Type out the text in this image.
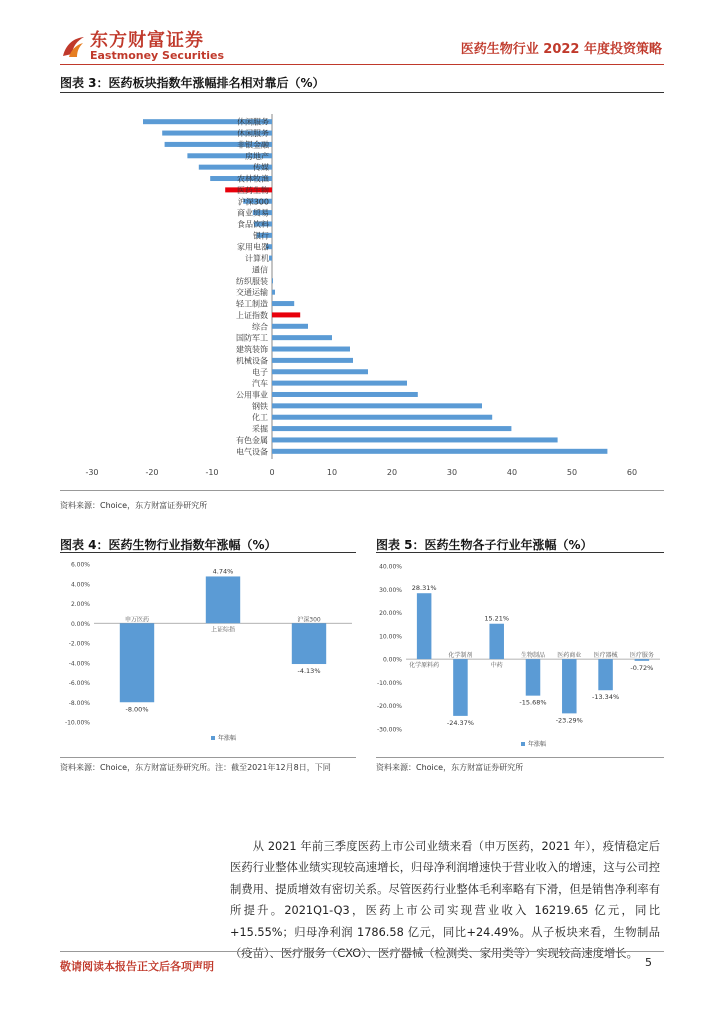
东方财富证券
Eastmoney Securities	医药生物行业 2022 年度投资策略
图表 3：医药板块指数年涨幅排名相对靠后（%）
休闲服务
休闲服务
非银金融
房地产
传媒
农林牧渔
医药生物
沪深300
商业贸易
食品饮料
银行
家用电器
计算机
通信
纺织服装
交通运输
轻工制造
上证指数
综合
国防军工
建筑装饰
机械设备
电子
汽车
公用事业
钢铁
化工
采掘
有色金属
电气设备
-30	-20	-10	0	10	20	30	40	50	60
资料来源：Choice，东方财富证券研究所
图表 4：医药生物行业指数年涨幅（%）
6.00%
4.00%
2.00%
0.00%
-2.00%
-4.00%
-6.00%
-8.00%
-10.00%
-8.00%
申万医药
4.74%
上证综指
-4.13%
沪深300
年涨幅
资料来源：Choice，东方财富证券研究所。注：截至2021年12月8日，下同
图表 5：医药生物各子行业年涨幅（%）
40.00%
30.00%
20.00%
10.00%
0.00%
-10.00%
-20.00%
-30.00%
28.31%
化学原料药
-24.37%
化学制剂
15.21%
中药
-15.68%
生物制品
-23.29%
医药商业
-13.34%
医疗器械
-0.72%
医疗服务
年涨幅
资料来源：Choice，东方财富证券研究所
从 2021 年前三季度医药上市公司业绩来看（申万医药，2021 年），疫情稳定后医药行业整体业绩实现较高速增长，归母净利润增速快于营业收入的增速，这与公司控制费用、提质增效有密切关系。尽管医药行业整体毛利率略有下滑，但是销售净利率有所提升。2021Q1-Q3，医药上市公司实现营业收入 16219.65 亿元，同比+15.55%；归母净利润 1786.58 亿元，同比+24.49%。从子板块来看，生物制品（疫苗）、医疗服务（CXO）、医疗器械（检测类、家用类等）实现较高速度增长。
敬请阅读本报告正文后各项声明	5
